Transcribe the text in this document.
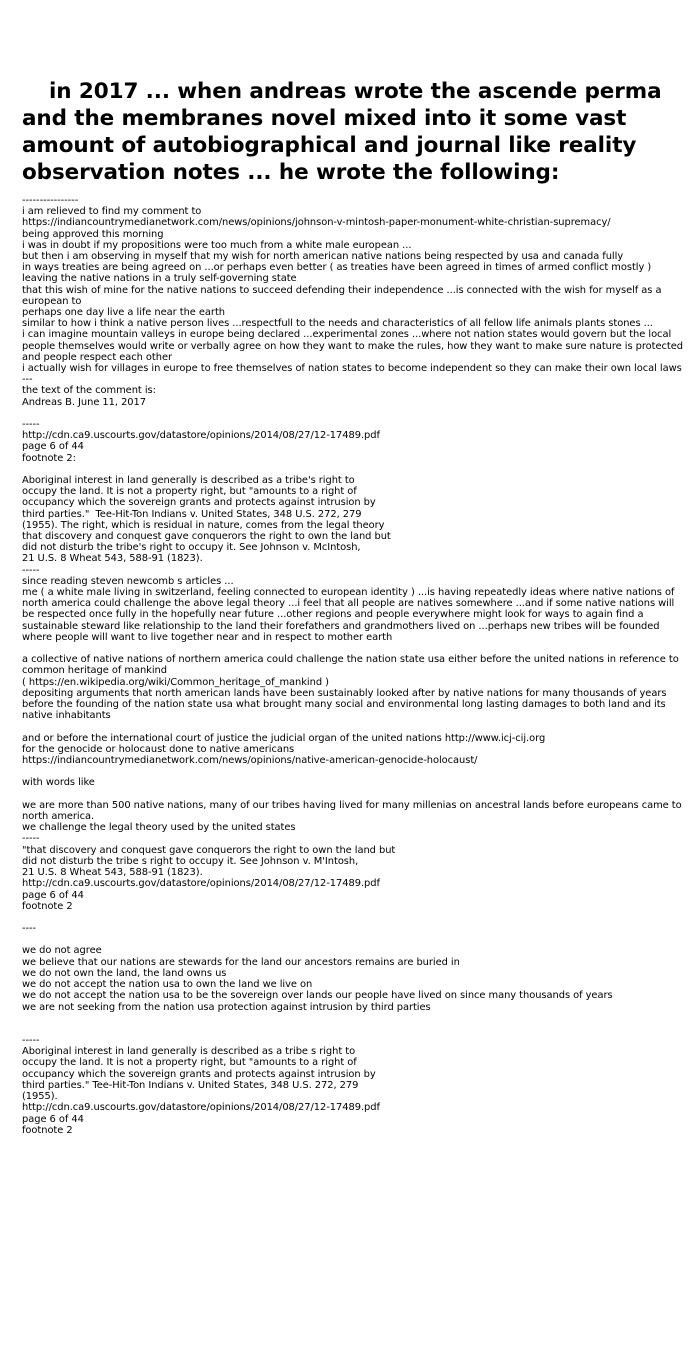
in 2017 ... when andreas wrote the ascende perma and the membranes novel mixed into it some vast amount of autobiographical and journal like reality observation notes ... he wrote the following:
----------------
i am relieved to find my comment to
https://indiancountrymedianetwork.com/news/opinions/johnson-v-mintosh-paper-monument-white-christian-supremacy/
being approved this morning
i was in doubt if my propositions were too much from a white male european ...
but then i am observing in myself that my wish for north american native nations being respected by usa and canada fully
in ways treaties are being agreed on ...or perhaps even better ( as treaties have been agreed in times of armed conflict mostly )
leaving the native nations in a truly self-governing state
that this wish of mine for the native nations to succeed defending their independence ...is connected with the wish for myself as a european to
perhaps one day live a life near the earth
similar to how i think a native person lives ...respectfull to the needs and characteristics of all fellow life animals plants stones ...
i can imagine mountain valleys in europe being declared ...experimental zones ...where not nation states would govern but the local people themselves would write or verbally agree on how they want to make the rules, how they want to make sure nature is protected and people respect each other
i actually wish for villages in europe to free themselves of nation states to become independent so they can make their own local laws
---
the text of the comment is:
Andreas B. June 11, 2017
-----
http://cdn.ca9.uscourts.gov/datastore/opinions/2014/08/27/12-17489.pdf
page 6 of 44
footnote 2:
Aboriginal interest in land generally is described as a tribe's right to
occupy the land. It is not a property right, but "amounts to a right of
occupancy which the sovereign grants and protects against intrusion by
third parties."  Tee-Hit-Ton Indians v. United States, 348 U.S. 272, 279
(1955). The right, which is residual in nature, comes from the legal theory
that discovery and conquest gave conquerors the right to own the land but
did not disturb the tribe's right to occupy it. See Johnson v. McIntosh,
21 U.S. 8 Wheat 543, 588-91 (1823).
-----
since reading steven newcomb s articles ...
me ( a white male living in switzerland, feeling connected to european identity ) ...is having repeatedly ideas where native nations of north america could challenge the above legal theory ...i feel that all people are natives somewhere ...and if some native nations will be respected once fully in the hopefully near future ...other regions and people everywhere might look for ways to again find a sustainable steward like relationship to the land their forefathers and grandmothers lived on ...perhaps new tribes will be founded where people will want to live together near and in respect to mother earth
a collective of native nations of northern america could challenge the nation state usa either before the united nations in reference to common heritage of mankind
( https://en.wikipedia.org/wiki/Common_heritage_of_mankind )
depositing arguments that north american lands have been sustainably looked after by native nations for many thousands of years before the founding of the nation state usa what brought many social and environmental long lasting damages to both land and its native inhabitants
and or before the international court of justice the judicial organ of the united nations http://www.icj-cij.org
for the genocide or holocaust done to native americans
https://indiancountrymedianetwork.com/news/opinions/native-american-genocide-holocaust/
with words like
we are more than 500 native nations, many of our tribes having lived for many millenias on ancestral lands before europeans came to north america.
we challenge the legal theory used by the united states
-----
"that discovery and conquest gave conquerors the right to own the land but
did not disturb the tribe s right to occupy it. See Johnson v. M'Intosh,
21 U.S. 8 Wheat 543, 588-91 (1823).
http://cdn.ca9.uscourts.gov/datastore/opinions/2014/08/27/12-17489.pdf
page 6 of 44
footnote 2
----
we do not agree
we believe that our nations are stewards for the land our ancestors remains are buried in
we do not own the land, the land owns us
we do not accept the nation usa to own the land we live on
we do not accept the nation usa to be the sovereign over lands our people have lived on since many thousands of years
we are not seeking from the nation usa protection against intrusion by third parties
-----
Aboriginal interest in land generally is described as a tribe s right to
occupy the land. It is not a property right, but "amounts to a right of
occupancy which the sovereign grants and protects against intrusion by
third parties." Tee-Hit-Ton Indians v. United States, 348 U.S. 272, 279
(1955).
http://cdn.ca9.uscourts.gov/datastore/opinions/2014/08/27/12-17489.pdf
page 6 of 44
footnote 2
